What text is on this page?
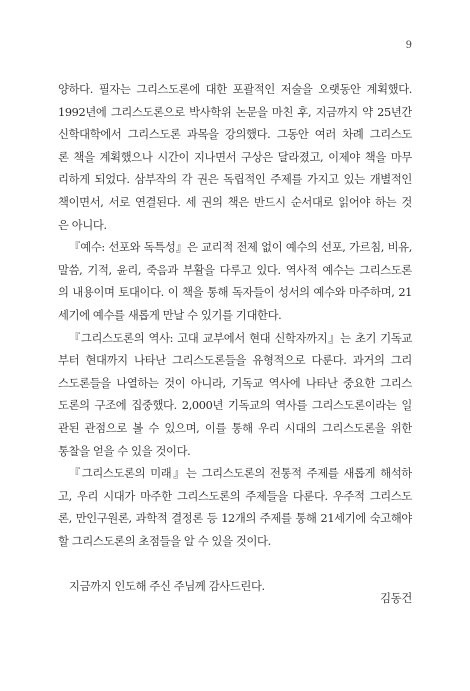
9
양하다. 필자는 그리스도론에 대한 포괄적인 저술을 오랫동안 계획했다.
1992년에 그리스도론으로 박사학위 논문을 마친 후, 지금까지 약 25년간
신학대학에서 그리스도론 과목을 강의했다. 그동안 여러 차례 그리스도
론 책을 계획했으나 시간이 지나면서 구상은 달라졌고, 이제야 책을 마무
리하게 되었다. 삼부작의 각 권은 독립적인 주제를 가지고 있는 개별적인
책이면서, 서로 연결된다. 세 권의 책은 반드시 순서대로 읽어야 하는 것
은 아니다.
『예수: 선포와 독특성』은 교리적 전제 없이 예수의 선포, 가르침, 비유,
말씀, 기적, 윤리, 죽음과 부활을 다루고 있다. 역사적 예수는 그리스도론
의 내용이며 토대이다. 이 책을 통해 독자들이 성서의 예수와 마주하며, 21
세기에 예수를 새롭게 만날 수 있기를 기대한다.
『그리스도론의 역사: 고대 교부에서 현대 신학자까지』는 초기 기독교
부터 현대까지 나타난 그리스도론들을 유형적으로 다룬다. 과거의 그리
스도론들을 나열하는 것이 아니라, 기독교 역사에 나타난 중요한 그리스
도론의 구조에 집중했다. 2,000년 기독교의 역사를 그리스도론이라는 일
관된 관점으로 볼 수 있으며, 이를 통해 우리 시대의 그리스도론을 위한
통찰을 얻을 수 있을 것이다.
『그리스도론의 미래』는 그리스도론의 전통적 주제를 새롭게 해석하
고, 우리 시대가 마주한 그리스도론의 주제들을 다룬다. 우주적 그리스도
론, 만인구원론, 과학적 결정론 등 12개의 주제를 통해 21세기에 숙고해야
할 그리스도론의 초점들을 알 수 있을 것이다.
지금까지 인도해 주신 주님께 감사드린다.
김동건
